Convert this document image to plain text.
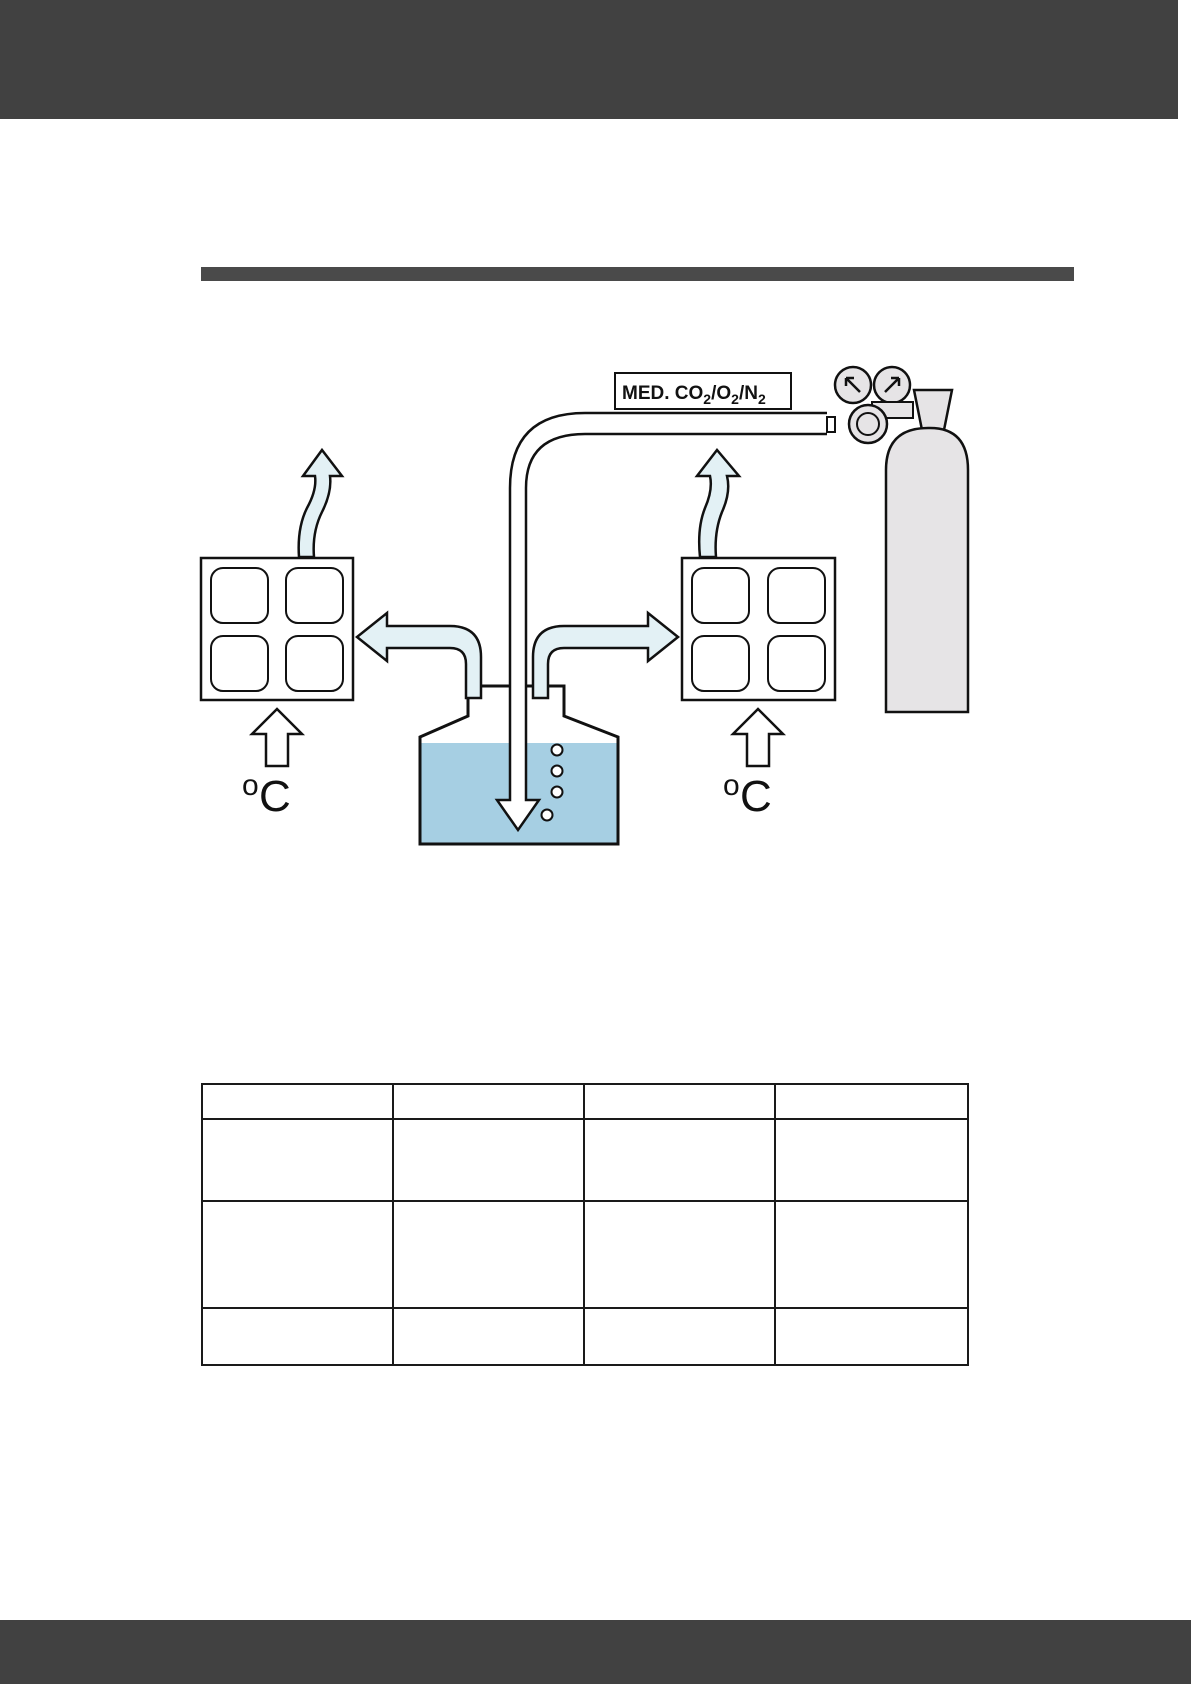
o C	o C
MED. $CO_2/O_2/N_2$
